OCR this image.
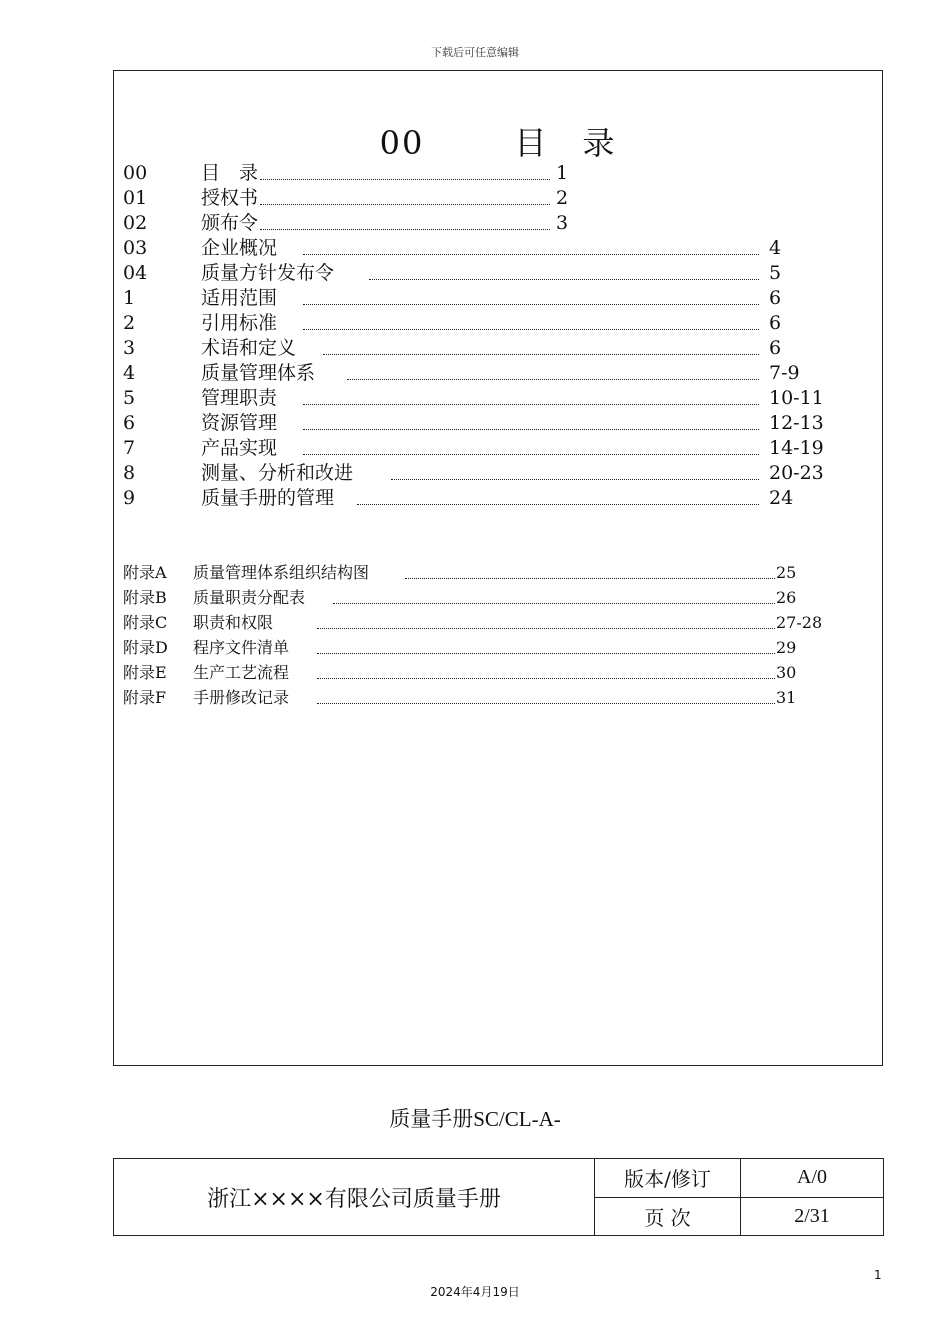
下载后可任意编辑
00	目　录
00	目　录	1
01	授权书	2
02	颁布令	3
03	企业概况	4
04	质量方针发布令	5
1	适用范围	6
2	引用标准	6
3	术语和定义	6
4	质量管理体系	7-9
5	管理职责	10-11
6	资源管理	12-13
7	产品实现	14-19
8	测量、分析和改进	20-23
9	质量手册的管理	24
附录A	质量管理体系组织结构图	25
附录B	质量职责分配表	26
附录C	职责和权限	27-28
附录D	程序文件清单	29
附录E	生产工艺流程	30
附录F	手册修改记录	31
质量手册SC/CL-A-
浙江××××有限公司质量手册	版本/修订	A/0
	页 次	2/31
1
2024年4月19日
